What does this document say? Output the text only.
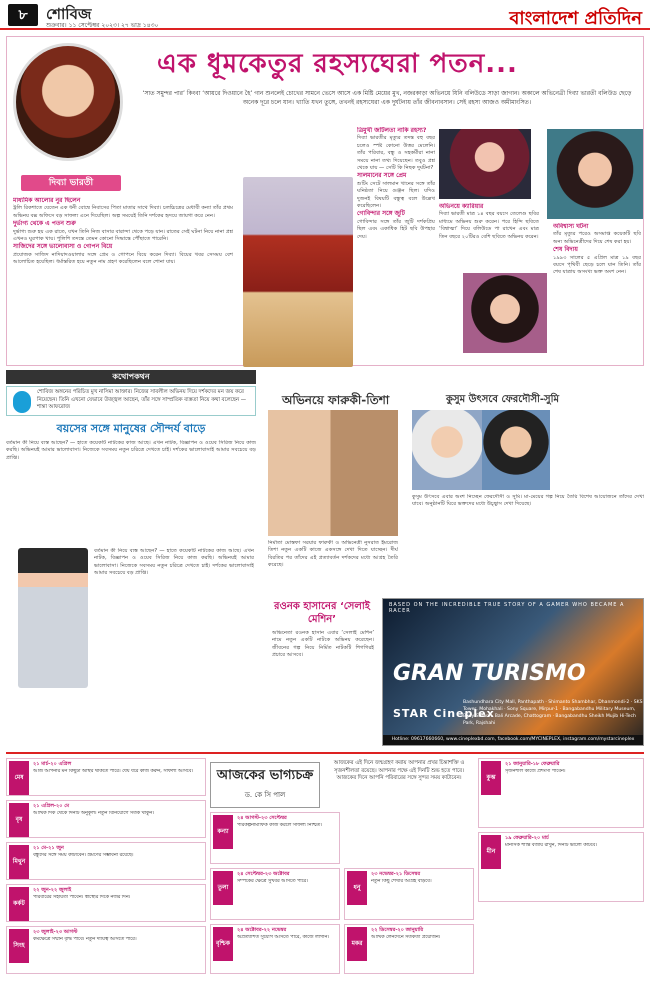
৮	শোবিজ
শুক্রবার। ১১ সেপ্টেম্বর ২০২৩। ২৭ ভাদ্র ১৪৩০	বাংলাদেশ প্রতিদিন
দিব্যা ভারতী
এক ধূমকেতুর রহস্যঘেরা পতন...
‘সাত সমুন্দর পার’ কিংবা ‘আয়রে দিওয়ানে হৈ’ গান শুনলেই চোখের সামনে ভেসে আসে এক মিষ্টি মেয়ের মুখ, নজরকাড়া অভিনয়ে যিনি বলিউডে সাড়া জাগান। অকালে অভিনেত্রী দিব্যা ভারতী বলিউড ছেড়ে অনেক দূরে চলে যান। খ্যাতি যখন তুঙ্গে, তখনই রহস্যঘেরা এক দুর্ঘটনায় তাঁর জীবনাবসান। সেই রহস্য আজও অমীমাংসিত।
মাধ্যমিক আলোর নুর ছিলেন
ট্রলি রিকশাতে যেতেন এক ধনী বোম্বে নিবাসের পিতা মাতার সাথে দিব্যা। চলচ্চিত্রের মেধাবী কন্যা তাঁর প্রথম অভিনয় বক্স অফিসে বড় সাফল্য এনে দিয়েছিল। অল্প সময়েই তিনি দর্শকের হৃদয়ে জায়গা করে নেন।
দুর্ভাগ্য থেকে এ পতন শুরু
দুর্ভাগ্য শুরু হয় এক রাতে, যখন তিনি নিজ বাসার বারান্দা থেকে পড়ে যান। রাতের সেই ঘটনা নিয়ে নানা প্রশ্ন এখনও ঘুরপাক খায়। পুলিশি তদন্তে তেমন কোনো সিদ্ধান্তে পৌঁছাতে পারেনি।
সাজিদের সঙ্গে ভালোবাসা ও গোপন বিয়ে
প্রযোজক সাজিদ নাদিয়াদওয়ালার সঙ্গে প্রেম ও গোপনে বিয়ে করেন দিব্যা। বিয়ের খবর সেসময় বেশ আলোচিত হয়েছিল। ধর্মান্তরিত হয়ে নতুন নাম গ্রহণ করেছিলেন বলে শোনা যায়।
ত্রিমুখী জটিলতা নাকি রহস্য?
দিব্যা ভারতীর মৃত্যুর তদন্ত বহু বছর চলেও স্পষ্ট কোনো উত্তর মেলেনি। তাঁর পরিবার, বন্ধু ও সহকর্মীরা নানা সময়ে নানা তথ্য দিয়েছেন। তবুও প্রশ্ন থেকে যায় — সেটি কি নিছক দুর্ঘটনা?
সালমানের সঙ্গে প্রেম
শুটিং সেটে সালমান খানের সঙ্গে তাঁর ঘনিষ্ঠতা নিয়ে গুঞ্জন ছিল। যদিও দুজনই বিষয়টি বন্ধুত্ব বলে উল্লেখ করেছিলেন।
গোবিন্দার সঙ্গে জুটি
গোবিন্দার সঙ্গে তাঁর জুটি দর্শকপ্রিয় ছিল এবং একাধিক হিট ছবি উপহার দেয়।
অভিনয়ে ক্যারিয়ার
দিব্যা ভারতী মাত্র ১৪ বছর বয়সে তেলেগু ছবির মাধ্যমে অভিনয় শুরু করেন। পরে হিন্দি ছবিতে ‘বিশ্বাত্মা’ দিয়ে বলিউডে পা রাখেন এবং মাত্র তিন বছরে ২০টিরও বেশি ছবিতে অভিনয় করেন।
অবিশ্বাস্য ঘটনা
তাঁর মৃত্যুর পরেও অসমাপ্ত কয়েকটি ছবি অন্য অভিনেত্রীদের দিয়ে শেষ করা হয়।
শেষ বিদায়
১৯৯৩ সালের ৫ এপ্রিল মাত্র ১৯ বছর বয়সে পৃথিবী ছেড়ে চলে যান তিনি। তাঁর শেষ যাত্রায় অসংখ্য ভক্ত অংশ নেন।
কথোপকথন
শোবিজ অঙ্গনের পরিচিত মুখ নাসিমা আক্তার। নিজের সাবলীল অভিনয় দিয়ে দর্শকদের মন জয় করে নিয়েছেন। তিনি এখনো যেভাবে উজ্জ্বল আছেন, তাঁর সঙ্গে সাম্প্রতিক ব্যস্ততা নিয়ে কথা বলেছেন — শান্তা আফরোজ
বয়সের সঙ্গে মানুষের সৌন্দর্য বাড়ে
বর্তমান কী নিয়ে ব্যস্ত আছেন? — হাতে কয়েকটি নাটকের কাজ আছে। এখন নাটক, বিজ্ঞাপন ও ওয়েব সিরিজ নিয়ে কাজ করছি। অভিনয়ই আমার ভালোবাসা। নিজেকে সবসময় নতুন চরিত্রে দেখতে চাই। দর্শকের ভালোবাসাই আমার সবচেয়ে বড় প্রাপ্তি।
বর্তমান কী নিয়ে ব্যস্ত আছেন? — হাতে কয়েকটি নাটকের কাজ আছে। এখন নাটক, বিজ্ঞাপন ও ওয়েব সিরিজ নিয়ে কাজ করছি। অভিনয়ই আমার ভালোবাসা। নিজেকে সবসময় নতুন চরিত্রে দেখতে চাই। দর্শকের ভালোবাসাই আমার সবচেয়ে বড় প্রাপ্তি।
অভিনয়ে ফারুকী-তিশা
নির্মাতা মোস্তফা সরয়ার ফারুকী ও অভিনেত্রী নুসরাত ইমরোজ তিশা নতুন একটি কাজে একসঙ্গে দেখা দিতে যাচ্ছেন। দীর্ঘ বিরতির পর তাঁদের এই প্রত্যাবর্তন দর্শকদের মধ্যে আগ্রহ তৈরি করেছে।
কুসুম উৎসবে ফেরদৌসী-সুমি
কুসুম উৎসবে এবার অংশ নিচ্ছেন ফেরদৌসী ও সুমি। মা-মেয়ের গল্প নিয়ে তৈরি বিশেষ আয়োজনে তাঁদের দেখা যাবে। অনুষ্ঠানটি ঘিরে ভক্তদের মধ্যে উচ্ছ্বাস দেখা দিয়েছে।
রওনক হাসানের ‘সেলাই মেশিন’
অভিনেতা রওনক হাসান এবার ‘সেলাই মেশিন’ নামে নতুন একটি নাটকে অভিনয় করেছেন। জীবনের গল্প নিয়ে নির্মিত নাটকটি শিগগিরই প্রচারে আসবে।
BASED ON THE INCREDIBLE TRUE STORY OF A GAMER WHO BECAME A RACER
GRAN TURISMO
STAR Cineplex
Bashundhara City Mall, Panthapath · Shimanto Shambhar, Dhanmondi-2 · SKS Tower, Mohakhali · Sony Square, Mirpur-1 · Bangabandhu Military Museum, Bijoy Sarani · Bali Arcade, Chattogram · Bangabandhu Sheikh Mujib Hi-Tech Park, Rajshahi
Hotline: 09617660660, www.cineplexbd.com, facebook.com/MYCINEPLEX, instagram.com/mystarcineplex
আজকের ভাগ্যচক্র
ড. কে সি পাল
আজকের এই দিনে জন্মগ্রহণ করায় আপনার প্রখর চিন্তাশক্তি ও সৃজনশীলতা রয়েছে। আপনার পক্ষে এই দিনটি শুভ হতে পারে। আজকের দিনে আপনি পরিবারের সঙ্গে সুন্দর সময় কাটাবেন।
মেষ
২১ মার্চ-২০ এপ্রিল
আজ আপনার মন কিছুটা অস্থির থাকতে পারে। ধৈর্য ধরে কাজ করুন, সাফল্য আসবে।
বৃষ
২১ এপ্রিল-২০ মে
আর্থিক দিক থেকে দিনটি অনুকূল। নতুন বিনিয়োগে সতর্ক থাকুন।
মিথুন
২১ মে-২১ জুন
বন্ধুদের সঙ্গে সময় কাটাবেন। ভ্রমণের সম্ভাবনা রয়েছে।
কর্কট
২২ জুন-২২ জুলাই
পরিবারের সহায়তা পাবেন। স্বাস্থ্যের দিকে নজর দিন।
সিংহ
২৩ জুলাই-২৩ আগস্ট
কর্মক্ষেত্রে সম্মান বৃদ্ধি পাবে। নতুন দায়িত্ব আসতে পারে।
কন্যা
২৪ আগস্ট-২৩ সেপ্টেম্বর
পরিকল্পনামাফিক কাজ করলে সাফল্য নিশ্চিত।
তুলা
২৪ সেপ্টেম্বর-২৩ অক্টোবর
সম্পর্কের ক্ষেত্রে সুখবর আসতে পারে।
বৃশ্চিক
২৪ অক্টোবর-২২ নভেম্বর
অপ্রত্যাশিত সুযোগ আসতে পারে, কাজে লাগান।
ধনু
২৩ নভেম্বর-২১ ডিসেম্বর
নতুন কিছু শেখার আগ্রহ বাড়বে।
মকর
২২ ডিসেম্বর-২০ জানুয়ারি
আর্থিক লেনদেনে সতর্কতা প্রয়োজন।
কুম্ভ
২১ জানুয়ারি-১৮ ফেব্রুয়ারি
সৃজনশীল কাজে প্রশংসা পাবেন।
মীন
১৯ ফেব্রুয়ারি-২০ মার্চ
মানসিক শান্তি বজায় রাখুন, দিনটি ভালো কাটবে।
